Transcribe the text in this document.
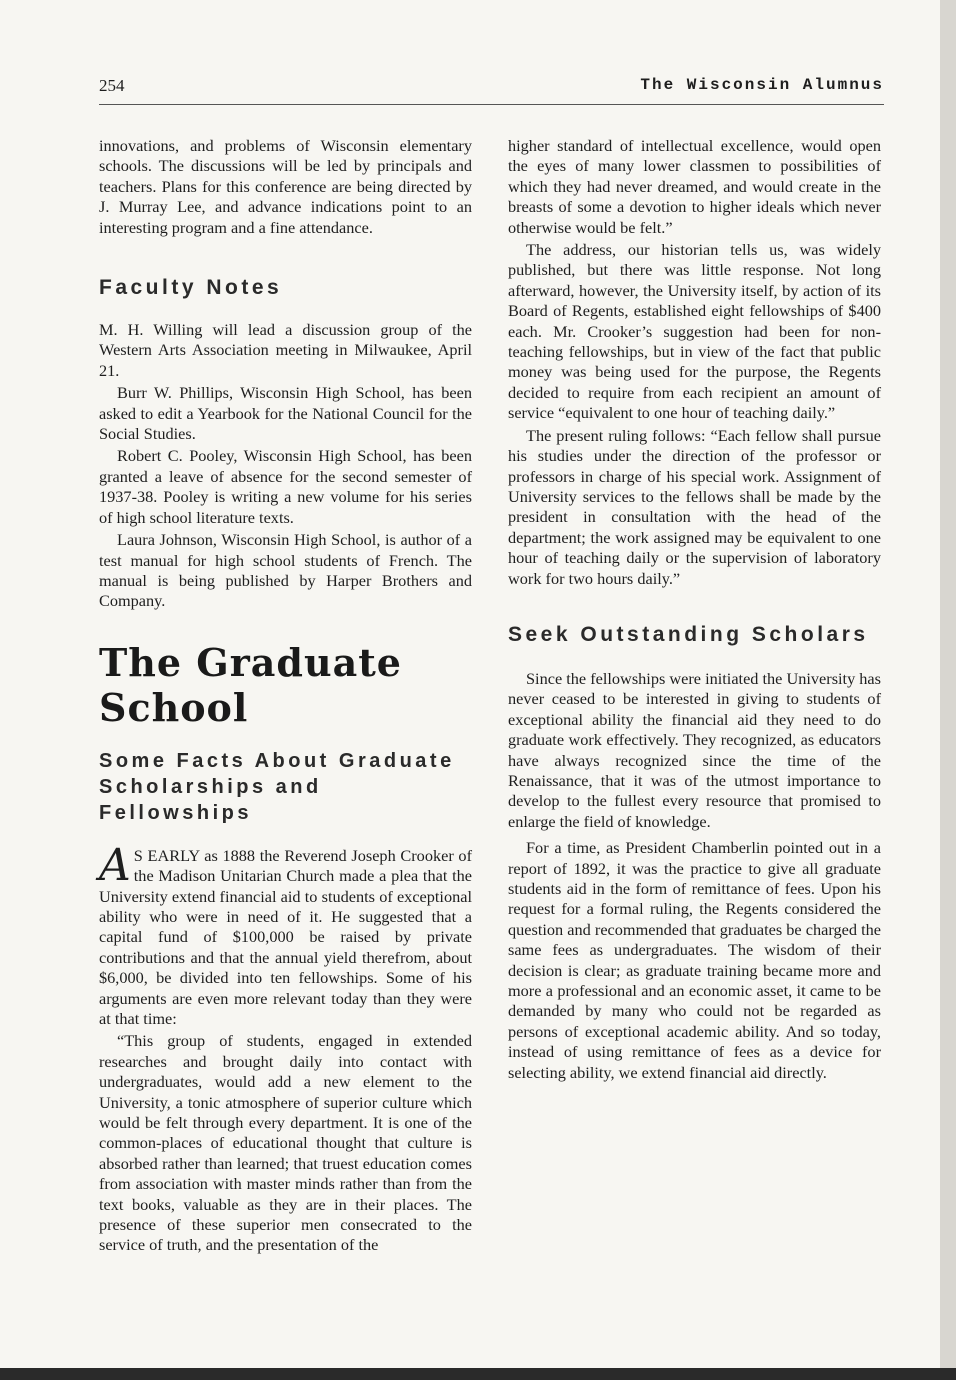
254	The Wisconsin Alumnus

innovations, and problems of Wisconsin elementary schools. The discussions will be led by principals and teachers. Plans for this conference are being directed by J. Murray Lee, and advance indications point to an interesting program and a fine attendance.

Faculty Notes

M. H. Willing will lead a discussion group of the Western Arts Association meeting in Milwaukee, April 21.

Burr W. Phillips, Wisconsin High School, has been asked to edit a Yearbook for the National Council for the Social Studies.

Robert C. Pooley, Wisconsin High School, has been granted a leave of absence for the second semester of 1937-38. Pooley is writing a new volume for his series of high school literature texts.

Laura Johnson, Wisconsin High School, is author of a test manual for high school students of French. The manual is being published by Harper Brothers and Company.

The Graduate School
Some Facts About Graduate Scholarships and Fellowships

A S EARLY as 1888 the Reverend Joseph Crooker of the Madison Unitarian Church made a plea that the University extend financial aid to students of exceptional ability who were in need of it. He suggested that a capital fund of $100,000 be raised by private contributions and that the annual yield therefrom, about $6,000, be divided into ten fellowships. Some of his arguments are even more relevant today than they were at that time:

“This group of students, engaged in extended researches and brought daily into contact with undergraduates, would add a new element to the University, a tonic atmosphere of superior culture which would be felt through every department. It is one of the common-places of educational thought that culture is absorbed rather than learned; that truest education comes from association with master minds rather than from the text books, valuable as they are in their places. The presence of these superior men consecrated to the service of truth, and the presentation of the

higher standard of intellectual excellence, would open the eyes of many lower classmen to possibilities of which they had never dreamed, and would create in the breasts of some a devotion to higher ideals which never otherwise would be felt.”

The address, our historian tells us, was widely published, but there was little response. Not long afterward, however, the University itself, by action of its Board of Regents, established eight fellowships of $400 each. Mr. Crooker’s suggestion had been for non-teaching fellowships, but in view of the fact that public money was being used for the purpose, the Regents decided to require from each recipient an amount of service “equivalent to one hour of teaching daily.”

The present ruling follows: “Each fellow shall pursue his studies under the direction of the professor or professors in charge of his special work. Assignment of University services to the fellows shall be made by the president in consultation with the head of the department; the work assigned may be equivalent to one hour of teaching daily or the supervision of laboratory work for two hours daily.”

Seek Outstanding Scholars

Since the fellowships were initiated the University has never ceased to be interested in giving to students of exceptional ability the financial aid they need to do graduate work effectively. They recognized, as educators have always recognized since the time of the Renaissance, that it was of the utmost importance to develop to the fullest every resource that promised to enlarge the field of knowledge.

For a time, as President Chamberlin pointed out in a report of 1892, it was the practice to give all graduate students aid in the form of remittance of fees. Upon his request for a formal ruling, the Regents considered the question and recommended that graduates be charged the same fees as undergraduates. The wisdom of their decision is clear; as graduate training became more and more a professional and an economic asset, it came to be demanded by many who could not be regarded as persons of exceptional academic ability. And so today, instead of using remittance of fees as a device for selecting ability, we extend financial aid directly.
